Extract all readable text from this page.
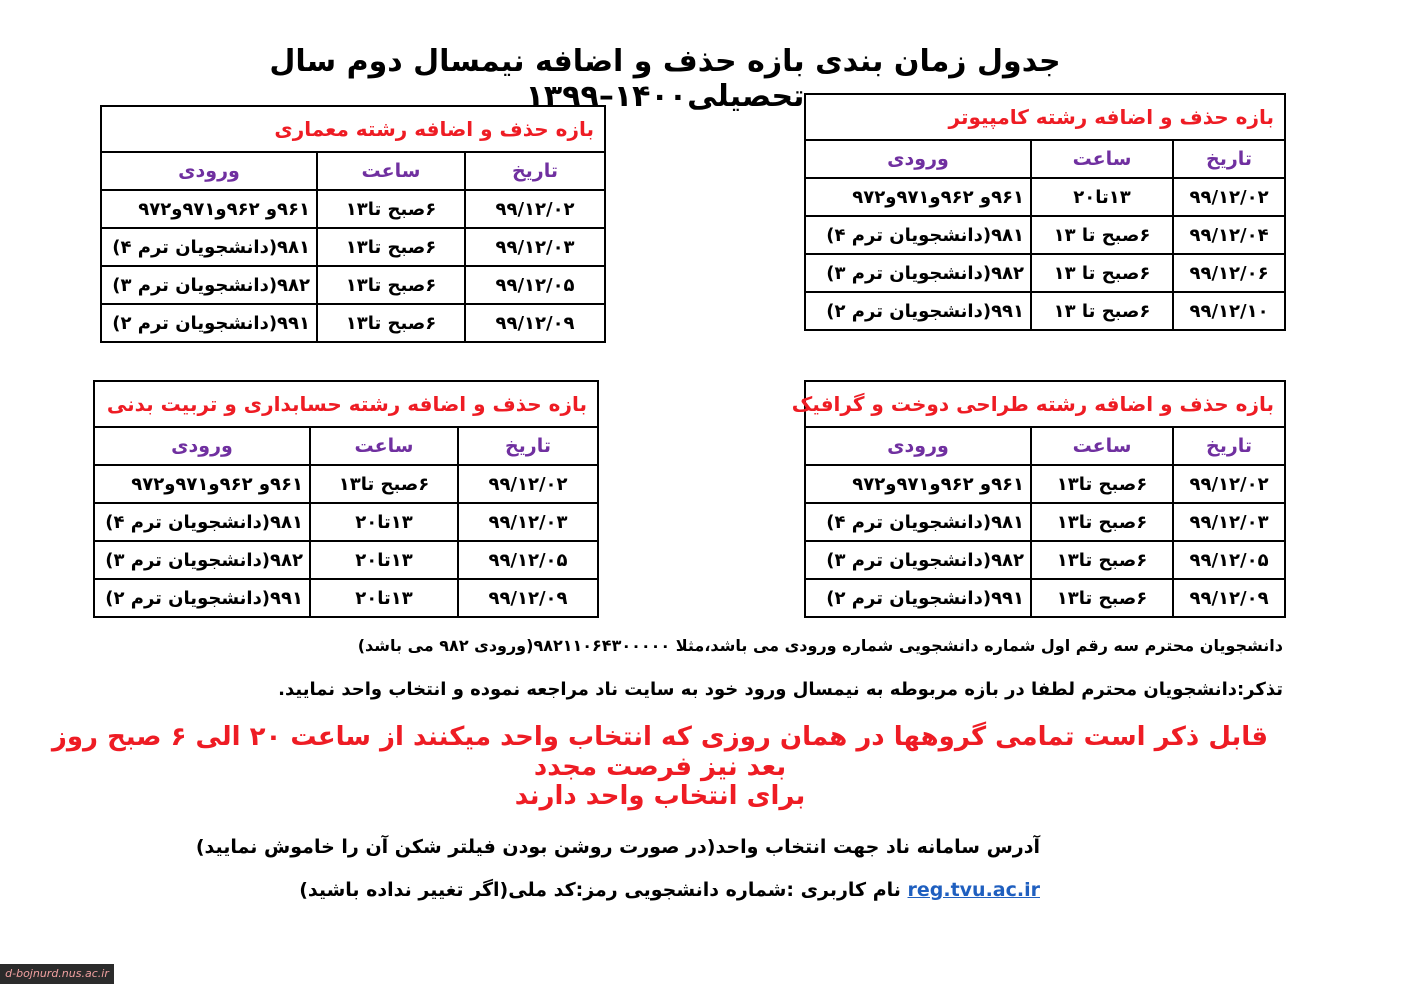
جدول زمان بندی بازه حذف و اضافه نیمسال دوم سال تحصیلی۱۴۰۰–۱۳۹۹
بازه حذف و اضافه رشته کامپیوتر		
تاریخ	ساعت	ورودی
۹۹/۱۲/۰۲	۱۳تا۲۰	۹۶۱و ۹۶۲و۹۷۱و۹۷۲
۹۹/۱۲/۰۴	۶صبح تا ۱۳	۹۸۱(دانشجویان ترم ۴)
۹۹/۱۲/۰۶	۶صبح تا ۱۳	۹۸۲(دانشجویان ترم ۳)
۹۹/۱۲/۱۰	۶صبح تا ۱۳	۹۹۱(دانشجویان ترم ۲)
بازه حذف و اضافه رشته معماری		
تاریخ	ساعت	ورودی
۹۹/۱۲/۰۲	۶صبح تا۱۳	۹۶۱و ۹۶۲و۹۷۱و۹۷۲
۹۹/۱۲/۰۳	۶صبح تا۱۳	۹۸۱(دانشجویان ترم ۴)
۹۹/۱۲/۰۵	۶صبح تا۱۳	۹۸۲(دانشجویان ترم ۳)
۹۹/۱۲/۰۹	۶صبح تا۱۳	۹۹۱(دانشجویان ترم ۲)
بازه حذف و اضافه رشته طراحی دوخت و گرافیک		
تاریخ	ساعت	ورودی
۹۹/۱۲/۰۲	۶صبح تا۱۳	۹۶۱و ۹۶۲و۹۷۱و۹۷۲
۹۹/۱۲/۰۳	۶صبح تا۱۳	۹۸۱(دانشجویان ترم ۴)
۹۹/۱۲/۰۵	۶صبح تا۱۳	۹۸۲(دانشجویان ترم ۳)
۹۹/۱۲/۰۹	۶صبح تا۱۳	۹۹۱(دانشجویان ترم ۲)
بازه حذف و اضافه رشته حسابداری و تربیت بدنی		
تاریخ	ساعت	ورودی
۹۹/۱۲/۰۲	۶صبح تا۱۳	۹۶۱و ۹۶۲و۹۷۱و۹۷۲
۹۹/۱۲/۰۳	۱۳تا۲۰	۹۸۱(دانشجویان ترم ۴)
۹۹/۱۲/۰۵	۱۳تا۲۰	۹۸۲(دانشجویان ترم ۳)
۹۹/۱۲/۰۹	۱۳تا۲۰	۹۹۱(دانشجویان ترم ۲)
دانشجویان محترم سه رقم اول شماره دانشجویی شماره ورودی می باشد،مثلا ۹۸۲۱۱۰۶۴۳۰۰۰۰۰(ورودی ۹۸۲ می باشد)
تذکر:دانشجویان محترم لطفا در بازه مربوطه به نیمسال ورود خود به سایت ناد مراجعه نموده و انتخاب واحد نمایید.
قابل ذکر است تمامی گروهها در همان روزی که انتخاب واحد میکنند از ساعت ۲۰ الی ۶ صبح روز بعد نیز فرصت مجدد
برای انتخاب واحد دارند
آدرس سامانه ناد جهت انتخاب واحد(در صورت روشن بودن فیلتر شکن آن را خاموش نمایید)
reg.tvu.ac.ir نام کاربری :شماره دانشجویی رمز:کد ملی(اگر تغییر نداده باشید)
d-bojnurd.nus.ac.ir
